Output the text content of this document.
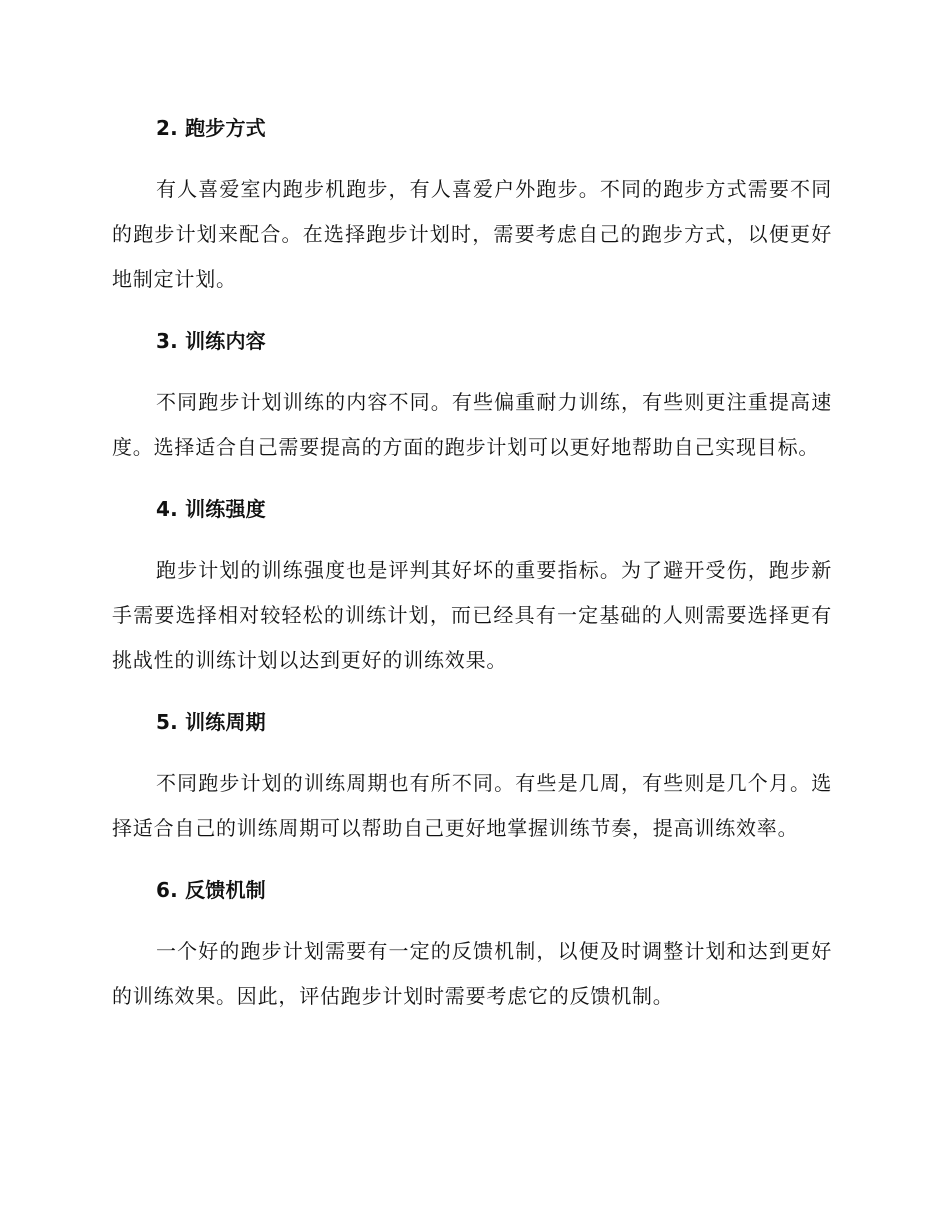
2. 跑步方式

有人喜爱室内跑步机跑步，有人喜爱户外跑步。不同的跑步方式需要不同的跑步计划来配合。在选择跑步计划时，需要考虑自己的跑步方式，以便更好地制定计划。

3. 训练内容

不同跑步计划训练的内容不同。有些偏重耐力训练，有些则更注重提高速度。选择适合自己需要提高的方面的跑步计划可以更好地帮助自己实现目标。

4. 训练强度

跑步计划的训练强度也是评判其好坏的重要指标。为了避开受伤，跑步新手需要选择相对较轻松的训练计划，而已经具有一定基础的人则需要选择更有挑战性的训练计划以达到更好的训练效果。

5. 训练周期

不同跑步计划的训练周期也有所不同。有些是几周，有些则是几个月。选择适合自己的训练周期可以帮助自己更好地掌握训练节奏，提高训练效率。

6. 反馈机制

一个好的跑步计划需要有一定的反馈机制，以便及时调整计划和达到更好的训练效果。因此，评估跑步计划时需要考虑它的反馈机制。
